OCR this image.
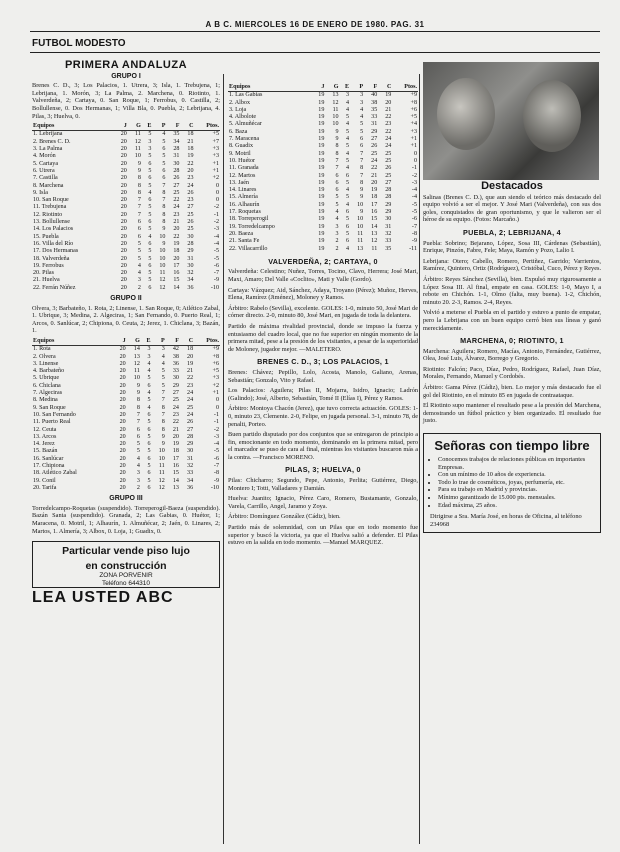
A B C. MIERCOLES 16 DE ENERO DE 1980. PAG. 31
FUTBOL MODESTO
PRIMERA ANDALUZA
GRUPO I

Brenes C. D., 3; Los Palacios, 1. Utrera, 3; Isla, 1. Trebujena, 1; Lebrijana, 1. Morón, 3; La Palma, 2. Marchena, 0. Riotinto, 1. Valverdeña, 2; Cartaya, 0. San Roque, 1; Ferrobus, 0. Castilla, 2; Bollullense, 0. Dos Hermanas, 1; Villa Bla, 0. Puebla, 2; Lebrijana, 4. Pilas, 3; Huelva, 0.

Equipos	J	G	E	P	F	C	Ptos.
1. Lebrijana	20	11	5	4	35	18	+5
2. Brenes C. D.	20	12	3	5	34	21	+7
3. La Palma	20	11	3	6	28	18	+3
4. Morón	20	10	5	5	31	19	+3
5. Cartaya	20	9	6	5	30	22	+1
6. Utrera	20	9	5	6	28	20	+1
7. Castilla	20	8	6	6	26	23	+2
8. Marchena	20	8	5	7	27	24	0
9. Isla	20	8	4	8	25	26	0
10. San Roque	20	7	6	7	22	23	0
11. Trebujena	20	7	5	8	24	27	-2
12. Riotinto	20	7	5	8	23	25	-1
13. Bollullense	20	6	6	8	21	26	-2
14. Los Palacios	20	6	5	9	20	25	-3
15. Puebla	20	6	4	10	22	30	-4
16. Villa del Río	20	5	6	9	19	28	-4
17. Dos Hermanas	20	5	5	10	18	29	-5
18. Valverdeña	20	5	5	10	20	31	-5
19. Ferrobus	20	4	6	10	17	30	-6
20. Pilas	20	4	5	11	16	32	-7
21. Huelva	20	3	5	12	15	34	-9
22. Ferrán Núñez	20	2	6	12	14	36	-10
GRUPO II

Olvera, 3; Barbateño, 1. Rota, 2; Linense, 1. San Roque, 0; Atlético Zabal, 1. Ubrique, 3; Medina, 2. Algeciras, 1; San Fernando, 0. Puerto Real, 1; Arcos, 0. Sanlúcar, 2; Chipiona, 0. Ceuta, 2; Jerez, 1. Chiclana, 3; Bazán, 1.

Equipos	J	G	E	P	F	C	Ptos.
1. Rota	20	14	3	3	42	18	+9
2. Olvera	20	13	3	4	38	20	+8
3. Linense	20	12	4	4	36	19	+6
4. Barbateño	20	11	4	5	33	21	+5
5. Ubrique	20	10	5	5	30	22	+3
6. Chiclana	20	9	6	5	29	23	+2
7. Algeciras	20	9	4	7	27	24	+1
8. Medina	20	8	5	7	25	24	0
9. San Roque	20	8	4	8	24	25	0
10. San Fernando	20	7	6	7	23	24	-1
11. Puerto Real	20	7	5	8	22	26	-1
12. Ceuta	20	6	6	8	21	27	-2
13. Arcos	20	6	5	9	20	28	-3
14. Jerez	20	5	6	9	19	29	-4
15. Bazán	20	5	5	10	18	30	-5
16. Sanlúcar	20	4	6	10	17	31	-6
17. Chipiona	20	4	5	11	16	32	-7
18. Atlético Zabal	20	3	6	11	15	33	-8
19. Conil	20	3	5	12	14	34	-9
20. Tarifa	20	2	6	12	13	36	-10
GRUPO III

Torredelcampo-Roquetas (suspendido). Torreperogil-Baeza (suspendido). Bazán Santa (suspendido). Granada, 2; Las Gabias, 0. Huétor, 1; Maracena, 0. Motril, 1; Alhaurín, 1. Almuñécar, 2; Jaén, 0. Linares, 2; Martos, 1. Almería, 3; Albox, 0. Loja, 1; Guadix, 0.

Particular vende piso lujo
en construcción
ZONA PORVENIR
Teléfono 644310
LEA USTED ABC
Equipos	J	G	E	P	F	C	Ptos.
1. Las Gabias	19	13	3	3	40	19	+9
2. Albox	19	12	4	3	38	20	+8
3. Loja	19	11	4	4	35	21	+6
4. Albolote	19	10	5	4	33	22	+5
5. Almuñécar	19	10	4	5	31	23	+4
6. Baza	19	9	5	5	29	22	+3
7. Maracena	19	9	4	6	27	24	+1
8. Guadix	19	8	5	6	26	24	+1
9. Motril	19	8	4	7	25	25	0
10. Huétor	19	7	5	7	24	25	0
11. Granada	19	7	4	8	22	26	-1
12. Martos	19	6	6	7	21	25	-2
13. Jaén	19	6	5	8	20	27	-3
14. Linares	19	6	4	9	19	28	-4
15. Almería	19	5	5	9	18	28	-4
16. Alhaurín	19	5	4	10	17	29	-5
17. Roquetas	19	4	6	9	16	29	-5
18. Torreperogil	19	4	5	10	15	30	-6
19. Torredelcampo	19	3	6	10	14	31	-7
20. Baeza	19	3	5	11	13	32	-8
21. Santa Fe	19	2	6	11	12	33	-9
22. Villacarrillo	19	2	4	13	11	35	-11
VALVERDEÑA, 2; CARTAYA, 0

Valverdeña: Celestino; Nuñez, Torres, Tocino, Clavo, Herrera; José Mari, Maxi, Amaro; Del Valle «Coclito», Mati y Valle (Gordo).

Cartaya: Vázquez; Aid, Sánchez, Adaya, Troyano (Pérez); Muñoz, Herves, Elena, Ramírez (Jiménez), Moloney y Ramos.

Árbitro: Rabelo (Sevilla), excelente. GOLES: 1-0, minuto 50, José Mari de córner directo. 2-0, minuto 80, José Mari, en jugada de toda la delantera.

Partido de máxima rivalidad provincial, donde se impuso la fuerza y entusiasmo del cuadro local, que no fue superior en ningún momento de la primera mitad, pese a la presión de los visitantes, a pesar de la superioridad de Moloney, jugador mejor. —MALETERO.

BRENES C. D., 3; LOS PALACIOS, 1

Brenes: Chávez; Pepillo, Lolo, Acosta, Manolo, Galiano, Arenas, Sebastián; Gonzalo, Vito y Rafael.

Los Palacios: Aguilera; Pilas II, Mojarra, Isidro, Ignacio; Ladrón (Galindo); José, Alberto, Sebastián, Tomé II (Elías I), Pérez y Ramos.

Árbitro: Montoya Chacón (Jerez), que tuvo correcta actuación. GOLES: 1-0, minuto 23, Clemente. 2-0, Felipe, en jugada personal. 3-1, minuto 78, de penalti, Porteo.

Buen partido disputado por dos conjuntos que se entregaron de principio a fin, emocionante en todo momento, dominando en la primera mitad, pero el marcador se puso de cara al final, mientras los visitantes buscaron más a la contra. —Francisco MORENO.

PILAS, 3; HUELVA, 0

Pilas: Chicharro; Segundo, Pepe, Antonio, Perlita; Gutiérrez, Diego, Montero I; Totti, Valladares y Damián.

Huelva: Juanito; Ignacio, Pérez Caro, Romero, Bustamante, Gonzalo, Varela, Carrillo, Angel, Jaramo y Zoya.

Árbitro: Domínguez González (Cádiz), bien.

Partido más de solemnidad, con un Pilas que en todo momento fue superior y buscó la victoria, ya que el Huelva salió a defender. El Pilas estuvo en la salida en todo momento. —Manuel MARQUEZ.

Destacados

Salinas (Brenes C. D.), que aun siendo el teórico más destacado del equipo volvió a ser el mejor. Y José Mari (Valverdeña), con sus dos goles, conquistados de gran oportunismo, y que le valieron ser el héroe de su equipo. (Fotos: Marcaño.)

PUEBLA, 2; LEBRIJANA, 4

Puebla: Sobrino; Bejarano, López, Sosa III, Cárdenas (Sebastián), Enrique, Pinzón, Fabre, Fele; Maya, Ramón y Pozo, Lalio I.

Lebrijana: Otero; Cabello, Romero, Pertiñez, Garrido; Varrientos, Ramírez, Quintero, Ortiz (Rodríguez), Cristóbal, Cuco, Pérez y Reyes.

Árbitro: Reyes Sánchez (Sevilla), bien. Expulsó muy rigurosamente a López Sosa III. Al final, empate en casa. GOLES: 1-0, Mayo I, a rebote en Chichón. 1-1, Olmo (falta, muy buena). 1-2, Chichón, minuto 20. 2-3, Ramos. 2-4, Reyes.

Volvió a meterse el Puebla en el partido y estuvo a punto de empatar, pero la Lebrijana con un buen equipo cerró bien sus líneas y ganó merecidamente.

MARCHENA, 0; RIOTINTO, 1

Marchena: Aguilera; Romero, Macías, Antonio, Fernández, Gutiérrez, Olea, José Luis, Álvarez, Borrego y Gregorio.

Riotinto: Falcón; Paco, Díaz, Pedro, Rodríguez, Rafael, Juan Díaz, Morales, Fernando, Manuel y Cordobés.

Árbitro: Gama Pérez (Cádiz), bien. Lo mejor y más destacado fue el gol del Riotinto, en el minuto 85 en jugada de contraataque.

El Riotinto supo mantener el resultado pese a la presión del Marchena, demostrando un fútbol práctico y bien organizado. El resultado fue justo.

Señoras con tiempo libre
• Conocemos trabajos de relaciones públicas en importantes Empresas.
• Con un mínimo de 10 años de experiencia.
• Todo lo trae de cosméticos, joyas, perfumería, etc.
• Para su trabajo en Madrid y provincias.
• Mínimo garantizado de 15.000 pts. mensuales.
• Edad máxima, 25 años.
Dirigirse a Sra. María José, en horas de Oficina, al teléfono 234968
